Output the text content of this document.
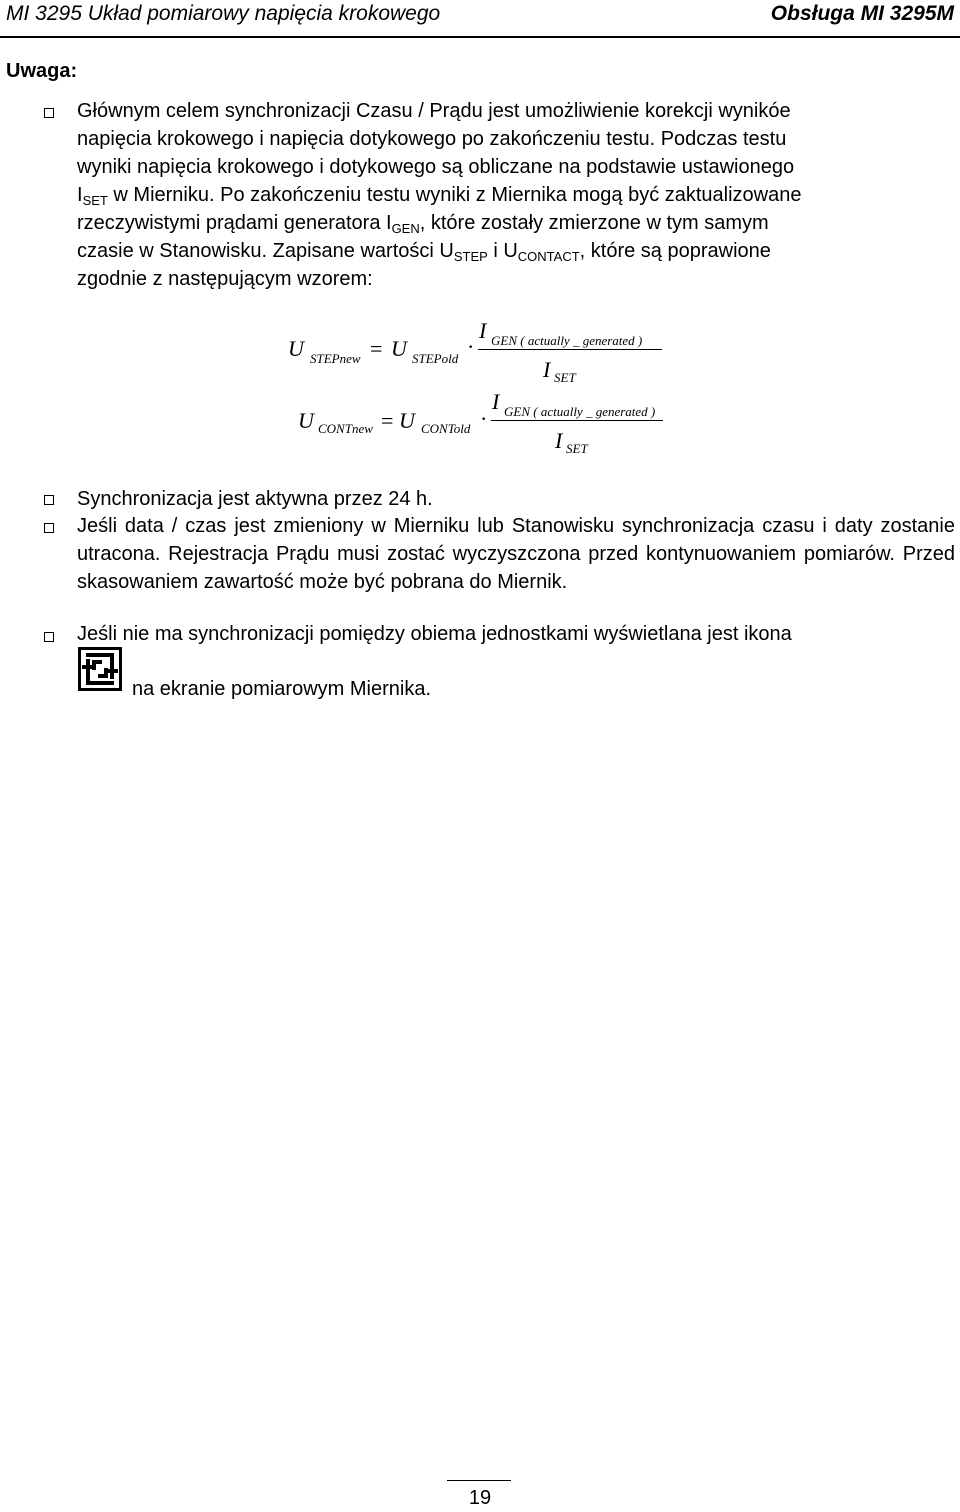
MI 3295 Układ pomiarowy napięcia krokowego	Obsługa MI 3295M
Uwaga:
Głównym celem synchronizacji Czasu / Prądu jest umożliwienie korekcji wynikóe
napięcia krokowego i napięcia dotykowego po zakończeniu testu. Podczas testu
wyniki napięcia krokowego i dotykowego są obliczane na podstawie ustawionego
$I_{SET}$ w Mierniku. Po zakończeniu testu wyniki z Miernika mogą być zaktualizowane
rzeczywistymi prądami generatora $I_{GEN}$, które zostały zmierzone w tym samym
czasie w Stanowisku. Zapisane wartości $U_{STEP}$ i $U_{CONTACT}$, które są poprawione
zgodnie z następującym wzorem:
U STEPnew = U STEPold ·
I GEN ( actually _ generated )
I SET
U CONTnew = U CONTold ·
I GEN ( actually _ generated )
I SET
Synchronizacja jest aktywna przez 24 h.
Jeśli data / czas jest zmieniony w Mierniku lub Stanowisku synchronizacja czasu i daty zostanie utracona. Rejestracja Prądu musi zostać wyczyszczona przed kontynuowaniem pomiarów. Przed skasowaniem zawartość może być pobrana do Miernik.
Jeśli nie ma synchronizacji pomiędzy obiema jednostkami wyświetlana jest ikona
na ekranie pomiarowym Miernika.
19
